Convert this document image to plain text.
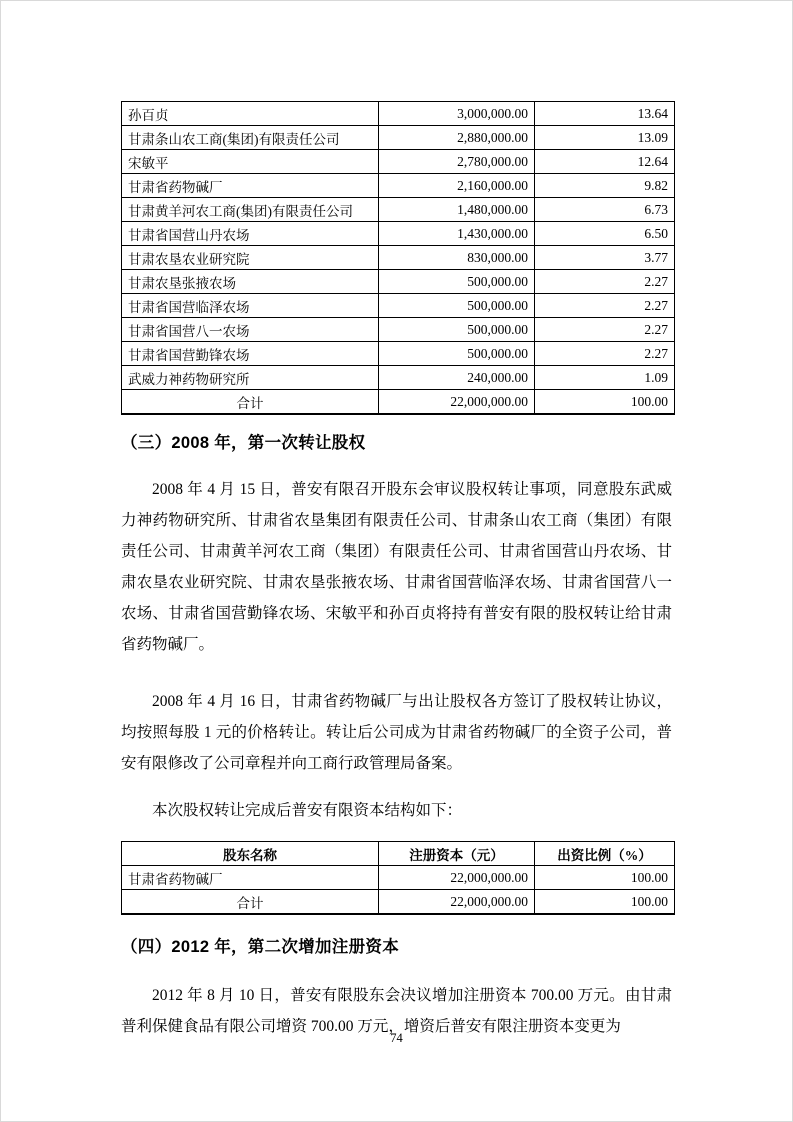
孙百贞	3,000,000.00	13.64
甘肃条山农工商(集团)有限责任公司	2,880,000.00	13.09
宋敏平	2,780,000.00	12.64
甘肃省药物碱厂	2,160,000.00	9.82
甘肃黄羊河农工商(集团)有限责任公司	1,480,000.00	6.73
甘肃省国营山丹农场	1,430,000.00	6.50
甘肃农垦农业研究院	830,000.00	3.77
甘肃农垦张掖农场	500,000.00	2.27
甘肃省国营临泽农场	500,000.00	2.27
甘肃省国营八一农场	500,000.00	2.27
甘肃省国营勤锋农场	500,000.00	2.27
武威力神药物研究所	240,000.00	1.09
合计	22,000,000.00	100.00
（三）2008 年，第一次转让股权

2008 年 4 月 15 日，普安有限召开股东会审议股权转让事项，同意股东武威力神药物研究所、甘肃省农垦集团有限责任公司、甘肃条山农工商（集团）有限责任公司、甘肃黄羊河农工商（集团）有限责任公司、甘肃省国营山丹农场、甘肃农垦农业研究院、甘肃农垦张掖农场、甘肃省国营临泽农场、甘肃省国营八一农场、甘肃省国营勤锋农场、宋敏平和孙百贞将持有普安有限的股权转让给甘肃省药物碱厂。

2008 年 4 月 16 日，甘肃省药物碱厂与出让股权各方签订了股权转让协议，均按照每股 1 元的价格转让。转让后公司成为甘肃省药物碱厂的全资子公司，普安有限修改了公司章程并向工商行政管理局备案。

本次股权转让完成后普安有限资本结构如下：

股东名称	注册资本（元）	出资比例（%）
甘肃省药物碱厂	22,000,000.00	100.00
合计	22,000,000.00	100.00
（四）2012 年，第二次增加注册资本

2012 年 8 月 10 日，普安有限股东会决议增加注册资本 700.00 万元。由甘肃普利保健食品有限公司增资 700.00 万元，增资后普安有限注册资本变更为

74
